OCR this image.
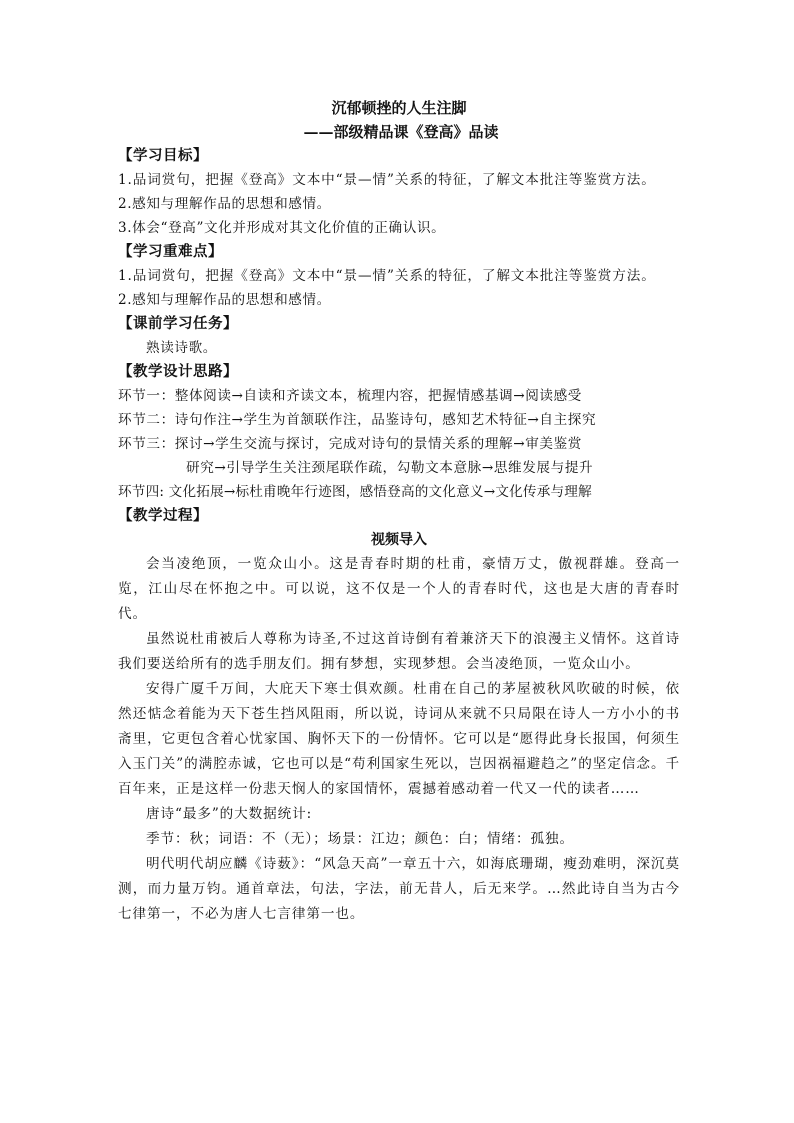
沉郁顿挫的人生注脚

——部级精品课《登高》品读

【学习目标】

1.品词赏句，把握《登高》文本中“景—情”关系的特征，了解文本批注等鉴赏方法。

2.感知与理解作品的思想和感情。

3.体会“登高”文化并形成对其文化价值的正确认识。

【学习重难点】

1.品词赏句，把握《登高》文本中“景—情”关系的特征，了解文本批注等鉴赏方法。

2.感知与理解作品的思想和感情。

【课前学习任务】

熟读诗歌。

【教学设计思路】

环节一：整体阅读→自读和齐读文本，梳理内容，把握情感基调→阅读感受

环节二：诗句作注→学生为首颔联作注，品鉴诗句，感知艺术特征→自主探究

环节三：探讨→学生交流与探讨，完成对诗句的景情关系的理解→审美鉴赏

研究→引导学生关注颈尾联作疏，勾勒文本意脉→思维发展与提升

环节四: 文化拓展→标杜甫晚年行迹图，感悟登高的文化意义→文化传承与理解

【教学过程】

视频导入

会当凌绝顶，一览众山小。这是青春时期的杜甫，豪情万丈，傲视群雄。登高一览，江山尽在怀抱之中。可以说，这不仅是一个人的青春时代，这也是大唐的青春时代。

虽然说杜甫被后人尊称为诗圣,不过这首诗倒有着兼济天下的浪漫主义情怀。这首诗我们要送给所有的选手朋友们。拥有梦想，实现梦想。会当凌绝顶，一览众山小。

安得广厦千万间，大庇天下寒士俱欢颜。杜甫在自己的茅屋被秋风吹破的时候，依然还惦念着能为天下苍生挡风阻雨，所以说，诗词从来就不只局限在诗人一方小小的书斋里，它更包含着心忧家国、胸怀天下的一份情怀。它可以是“愿得此身长报国，何须生入玉门关”的满腔赤诚，它也可以是“苟利国家生死以，岂因祸福避趋之”的坚定信念。千百年来，正是这样一份悲天悯人的家国情怀，震撼着感动着一代又一代的读者……

唐诗“最多”的大数据统计:

季节：秋；词语：不（无）；场景：江边；颜色：白；情绪：孤独。

明代明代胡应麟《诗薮》：“风急天高”一章五十六，如海底珊瑚，瘦劲难明，深沉莫测，而力量万钧。通首章法，句法，字法，前无昔人，后无来学。…然此诗自当为古今七律第一，不必为唐人七言律第一也。
